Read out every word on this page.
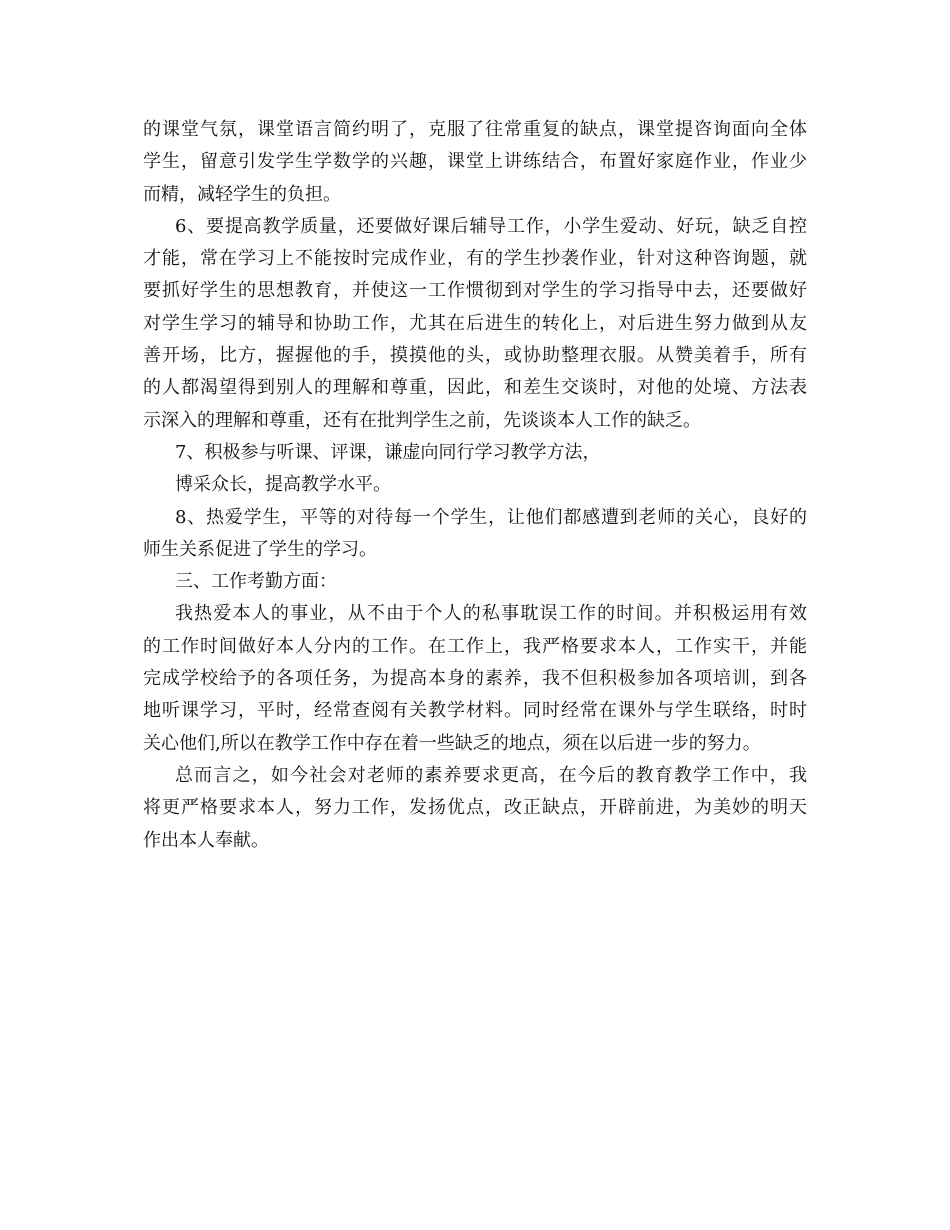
的课堂气氛，课堂语言简约明了，克服了往常重复的缺点，课堂提咨询面向全体
学生，留意引发学生学数学的兴趣，课堂上讲练结合，布置好家庭作业，作业少
而精，减轻学生的负担。
6、要提高教学质量，还要做好课后辅导工作，小学生爱动、好玩，缺乏自控
才能，常在学习上不能按时完成作业，有的学生抄袭作业，针对这种咨询题，就
要抓好学生的思想教育，并使这一工作惯彻到对学生的学习指导中去，还要做好
对学生学习的辅导和协助工作，尤其在后进生的转化上，对后进生努力做到从友
善开场，比方，握握他的手，摸摸他的头，或协助整理衣服。从赞美着手，所有
的人都渴望得到别人的理解和尊重，因此，和差生交谈时，对他的处境、方法表
示深入的理解和尊重，还有在批判学生之前，先谈谈本人工作的缺乏。
7、积极参与听课、评课，谦虚向同行学习教学方法，
博采众长，提高教学水平。
8、热爱学生，平等的对待每一个学生，让他们都感遭到老师的关心，良好的
师生关系促进了学生的学习。
三、工作考勤方面：
我热爱本人的事业，从不由于个人的私事耽误工作的时间。并积极运用有效
的工作时间做好本人分内的工作。在工作上，我严格要求本人，工作实干，并能
完成学校给予的各项任务，为提高本身的素养，我不但积极参加各项培训，到各
地听课学习，平时，经常查阅有关教学材料。同时经常在课外与学生联络，时时
关心他们,所以在教学工作中存在着一些缺乏的地点，须在以后进一步的努力。
总而言之，如今社会对老师的素养要求更高，在今后的教育教学工作中，我
将更严格要求本人，努力工作，发扬优点，改正缺点，开辟前进，为美妙的明天
作出本人奉献。
